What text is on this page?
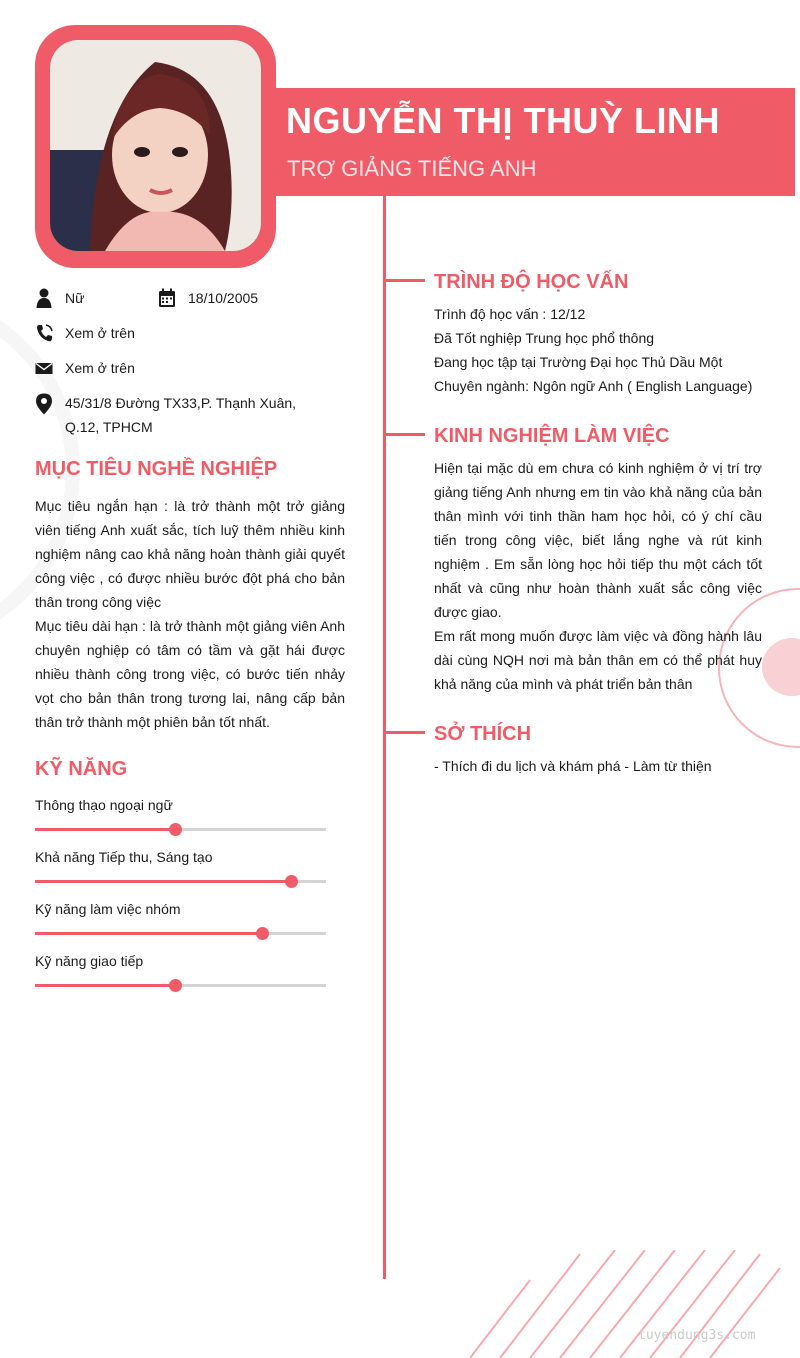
NGUYỄN THỊ THUỲ LINH
TRỢ GIẢNG TIẾNG ANH
Nữ	18/10/2005
Xem ở trên
Xem ở trên
45/31/8 Đường TX33,P. Thạnh Xuân,
Q.12, TPHCM
MỤC TIÊU NGHỀ NGHIỆP
Mục tiêu ngắn hạn : là trở thành một trở giảng viên tiếng Anh xuất sắc, tích luỹ thêm nhiều kinh nghiệm nâng cao khả năng hoàn thành giải quyết công việc , có được nhiều bước đột phá cho bản thân trong công việc
Mục tiêu dài hạn : là trở thành một giảng viên Anh chuyên nghiệp có tâm có tầm và gặt hái được nhiều thành công trong việc, có bước tiến nhảy vọt cho bản thân trong tương lai, nâng cấp bản thân trở thành một phiên bản tốt nhất.
KỸ NĂNG
Thông thạo ngoại ngữ
Khả năng Tiếp thu, Sáng tạo
Kỹ năng làm việc nhóm
Kỹ năng giao tiếp
TRÌNH ĐỘ HỌC VẤN
Trình độ học vấn : 12/12
Đã Tốt nghiệp Trung học phổ thông
Đang học tập tại Trường Đại học Thủ Dầu Một
Chuyên ngành: Ngôn ngữ Anh ( English Language)
KINH NGHIỆM LÀM VIỆC
Hiện tại mặc dù em chưa có kinh nghiệm ở vị trí trợ giảng tiếng Anh nhưng em tin vào khả năng của bản thân mình với tinh thần ham học hỏi, có ý chí cầu tiến trong công việc, biết lắng nghe và rút kinh nghiệm . Em sẵn lòng học hỏi tiếp thu một cách tốt nhất và cũng như hoàn thành xuất sắc công việc được giao.
Em rất mong muốn được làm việc và đồng hành lâu dài cùng NQH nơi mà bản thân em có thể phát huy khả năng của mình và phát triển bản thân
SỞ THÍCH
- Thích đi du lịch và khám phá - Làm từ thiện
tuyendung3s.com
